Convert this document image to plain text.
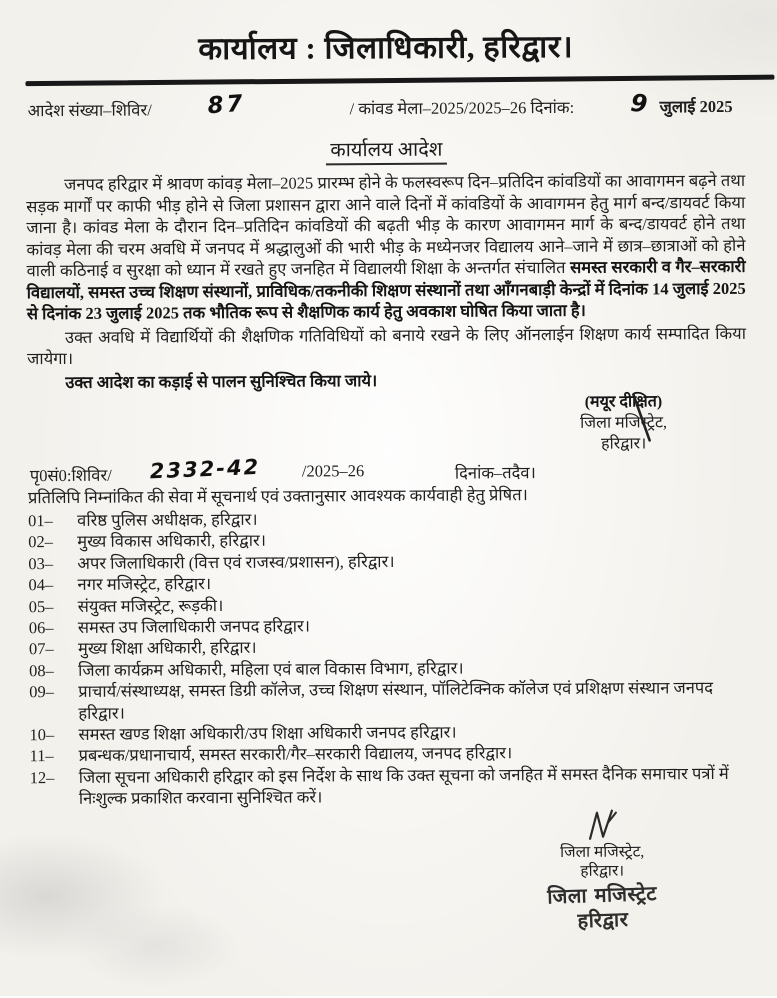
कार्यालय : जिलाधिकारी, हरिद्वार।
आदेश संख्या–शिविर/ 87	/ कांवड मेला–2025/2025–26 दिनांक: 9 जुलाई 2025
कार्यालय आदेश

जनपद हरिद्वार में श्रावण कांवड़ मेला–2025 प्रारम्भ होने के फलस्वरूप दिन–प्रतिदिन कांवडियों का आवागमन बढ़ने तथा सड़क मार्गों पर काफी भीड़ होने से जिला प्रशासन द्वारा आने वाले दिनों में कांवडियों के आवागमन हेतु मार्ग बन्द/डायवर्ट किया जाना है। कांवड मेला के दौरान दिन–प्रतिदिन कांवडियों की बढ़ती भीड़ के कारण आवागमन मार्ग के बन्द/डायवर्ट होने तथा कांवड़ मेला की चरम अवधि में जनपद में श्रद्धालुओं की भारी भीड़ के मध्येनजर विद्यालय आने–जाने में छात्र–छात्राओं को होने वाली कठिनाई व सुरक्षा को ध्यान में रखते हुए जनहित में विद्यालयी शिक्षा के अन्तर्गत संचालित समस्त सरकारी व गैर–सरकारी विद्यालयों, समस्त उच्च शिक्षण संस्थानों, प्राविधिक/तकनीकी शिक्षण संस्थानों तथा आँगनबाड़ी केन्द्रों में दिनांक 14 जुलाई 2025 से दिनांक 23 जुलाई 2025 तक भौतिक रूप से शैक्षणिक कार्य हेतु अवकाश घोषित किया जाता है।

उक्त अवधि में विद्यार्थियों की शैक्षणिक गतिविधियों को बनाये रखने के लिए ऑनलाईन शिक्षण कार्य सम्पादित किया जायेगा।

उक्त आदेश का कड़ाई से पालन सुनिश्चित किया जाये।

(मयूर दीक्षित)
जिला मजिस्ट्रेट,
हरिद्वार।
पृ0सं0:शिविर/ 2332-42 /2025–26	दिनांक–तदैव।
प्रतिलिपि निम्नांकित की सेवा में सूचनार्थ एवं उक्तानुसार आवश्यक कार्यवाही हेतु प्रेषित।
01–	वरिष्ठ पुलिस अधीक्षक, हरिद्वार।
02–	मुख्य विकास अधिकारी, हरिद्वार।
03–	अपर जिलाधिकारी (वित्त एवं राजस्व/प्रशासन), हरिद्वार।
04–	नगर मजिस्ट्रेट, हरिद्वार।
05–	संयुक्त मजिस्ट्रेट, रूड़की।
06–	समस्त उप जिलाधिकारी जनपद हरिद्वार।
07–	मुख्य शिक्षा अधिकारी, हरिद्वार।
08–	जिला कार्यक्रम अधिकारी, महिला एवं बाल विकास विभाग, हरिद्वार।
09–	प्राचार्य/संस्थाध्यक्ष, समस्त डिग्री कॉलेज, उच्च शिक्षण संस्थान, पॉलिटेक्निक कॉलेज एवं प्रशिक्षण संस्थान जनपद हरिद्वार।
10–	समस्त खण्ड शिक्षा अधिकारी/उप शिक्षा अधिकारी जनपद हरिद्वार।
11–	प्रबन्धक/प्रधानाचार्य, समस्त सरकारी/गैर–सरकारी विद्यालय, जनपद हरिद्वार।
12–	जिला सूचना अधिकारी हरिद्वार को इस निर्देश के साथ कि उक्त सूचना को जनहित में समस्त दैनिक समाचार पत्रों में निःशुल्क प्रकाशित करवाना सुनिश्चित करें।
जिला मजिस्ट्रेट,
हरिद्वार।
जिला मजिस्ट्रेट
हरिद्वार
